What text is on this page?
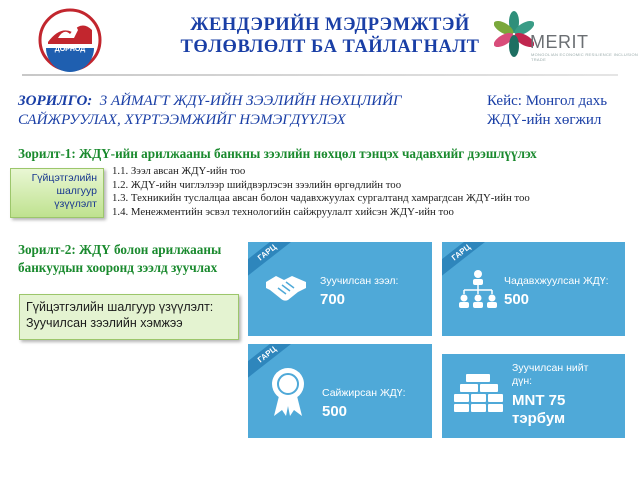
ДОРНОД
ЖЕНДЭРИЙН МЭДРЭМЖТЭЙ
ТӨЛӨВЛӨЛТ БА ТАЙЛАГНАЛТ	MERIT
MONGOLIAN ECONOMIC RESILIENCE INCLUSION TRADE
ЗОРИЛГО: 3 АЙМАГТ ЖДҮ-ИЙН ЗЭЭЛИЙН НӨХЦЛИЙГ
САЙЖРУУЛАХ, ХҮРТЭЭМЖИЙГ НЭМЭГДҮҮЛЭХ
Кейс: Монгол дахь
ЖДҮ-ийн хөгжил
Зорилт-1: ЖДҮ-ийн арилжааны банкны зээлийн нөхцөл тэнцэх чадавхийг дээшлүүлэх
Гүйцэтгэлийн
шалгуур
үзүүлэлт
1.1. Зээл авсан ЖДҮ-ийн тоо
1.2. ЖДҮ-ийн чиглэлээр шийдвэрлэсэн зээлийн өргөдлийн тоо
1.3. Техникийн туслалцаа авсан болон чадавхжуулах сургалтанд хамрагдсан ЖДҮ-ийн тоо
1.4. Менежментийн эсвэл технологийн сайжруулалт хийсэн ЖДҮ-ийн тоо
Зорилт-2: ЖДҮ болон арилжааны
банкуудын хооронд зээлд зуучлах
Гүйцэтгэлийн шалгуур үзүүлэлт:
Зуучилсан зээлийн хэмжээ
ГАРЦ
Зуучилсан зээл:
700
ГАРЦ
Чадавхжуулсан ЖДҮ:
500
ГАРЦ
Сайжирсан ЖДҮ:
500
Зуучилсан нийт
дүн:
MNT 75
тэрбум
